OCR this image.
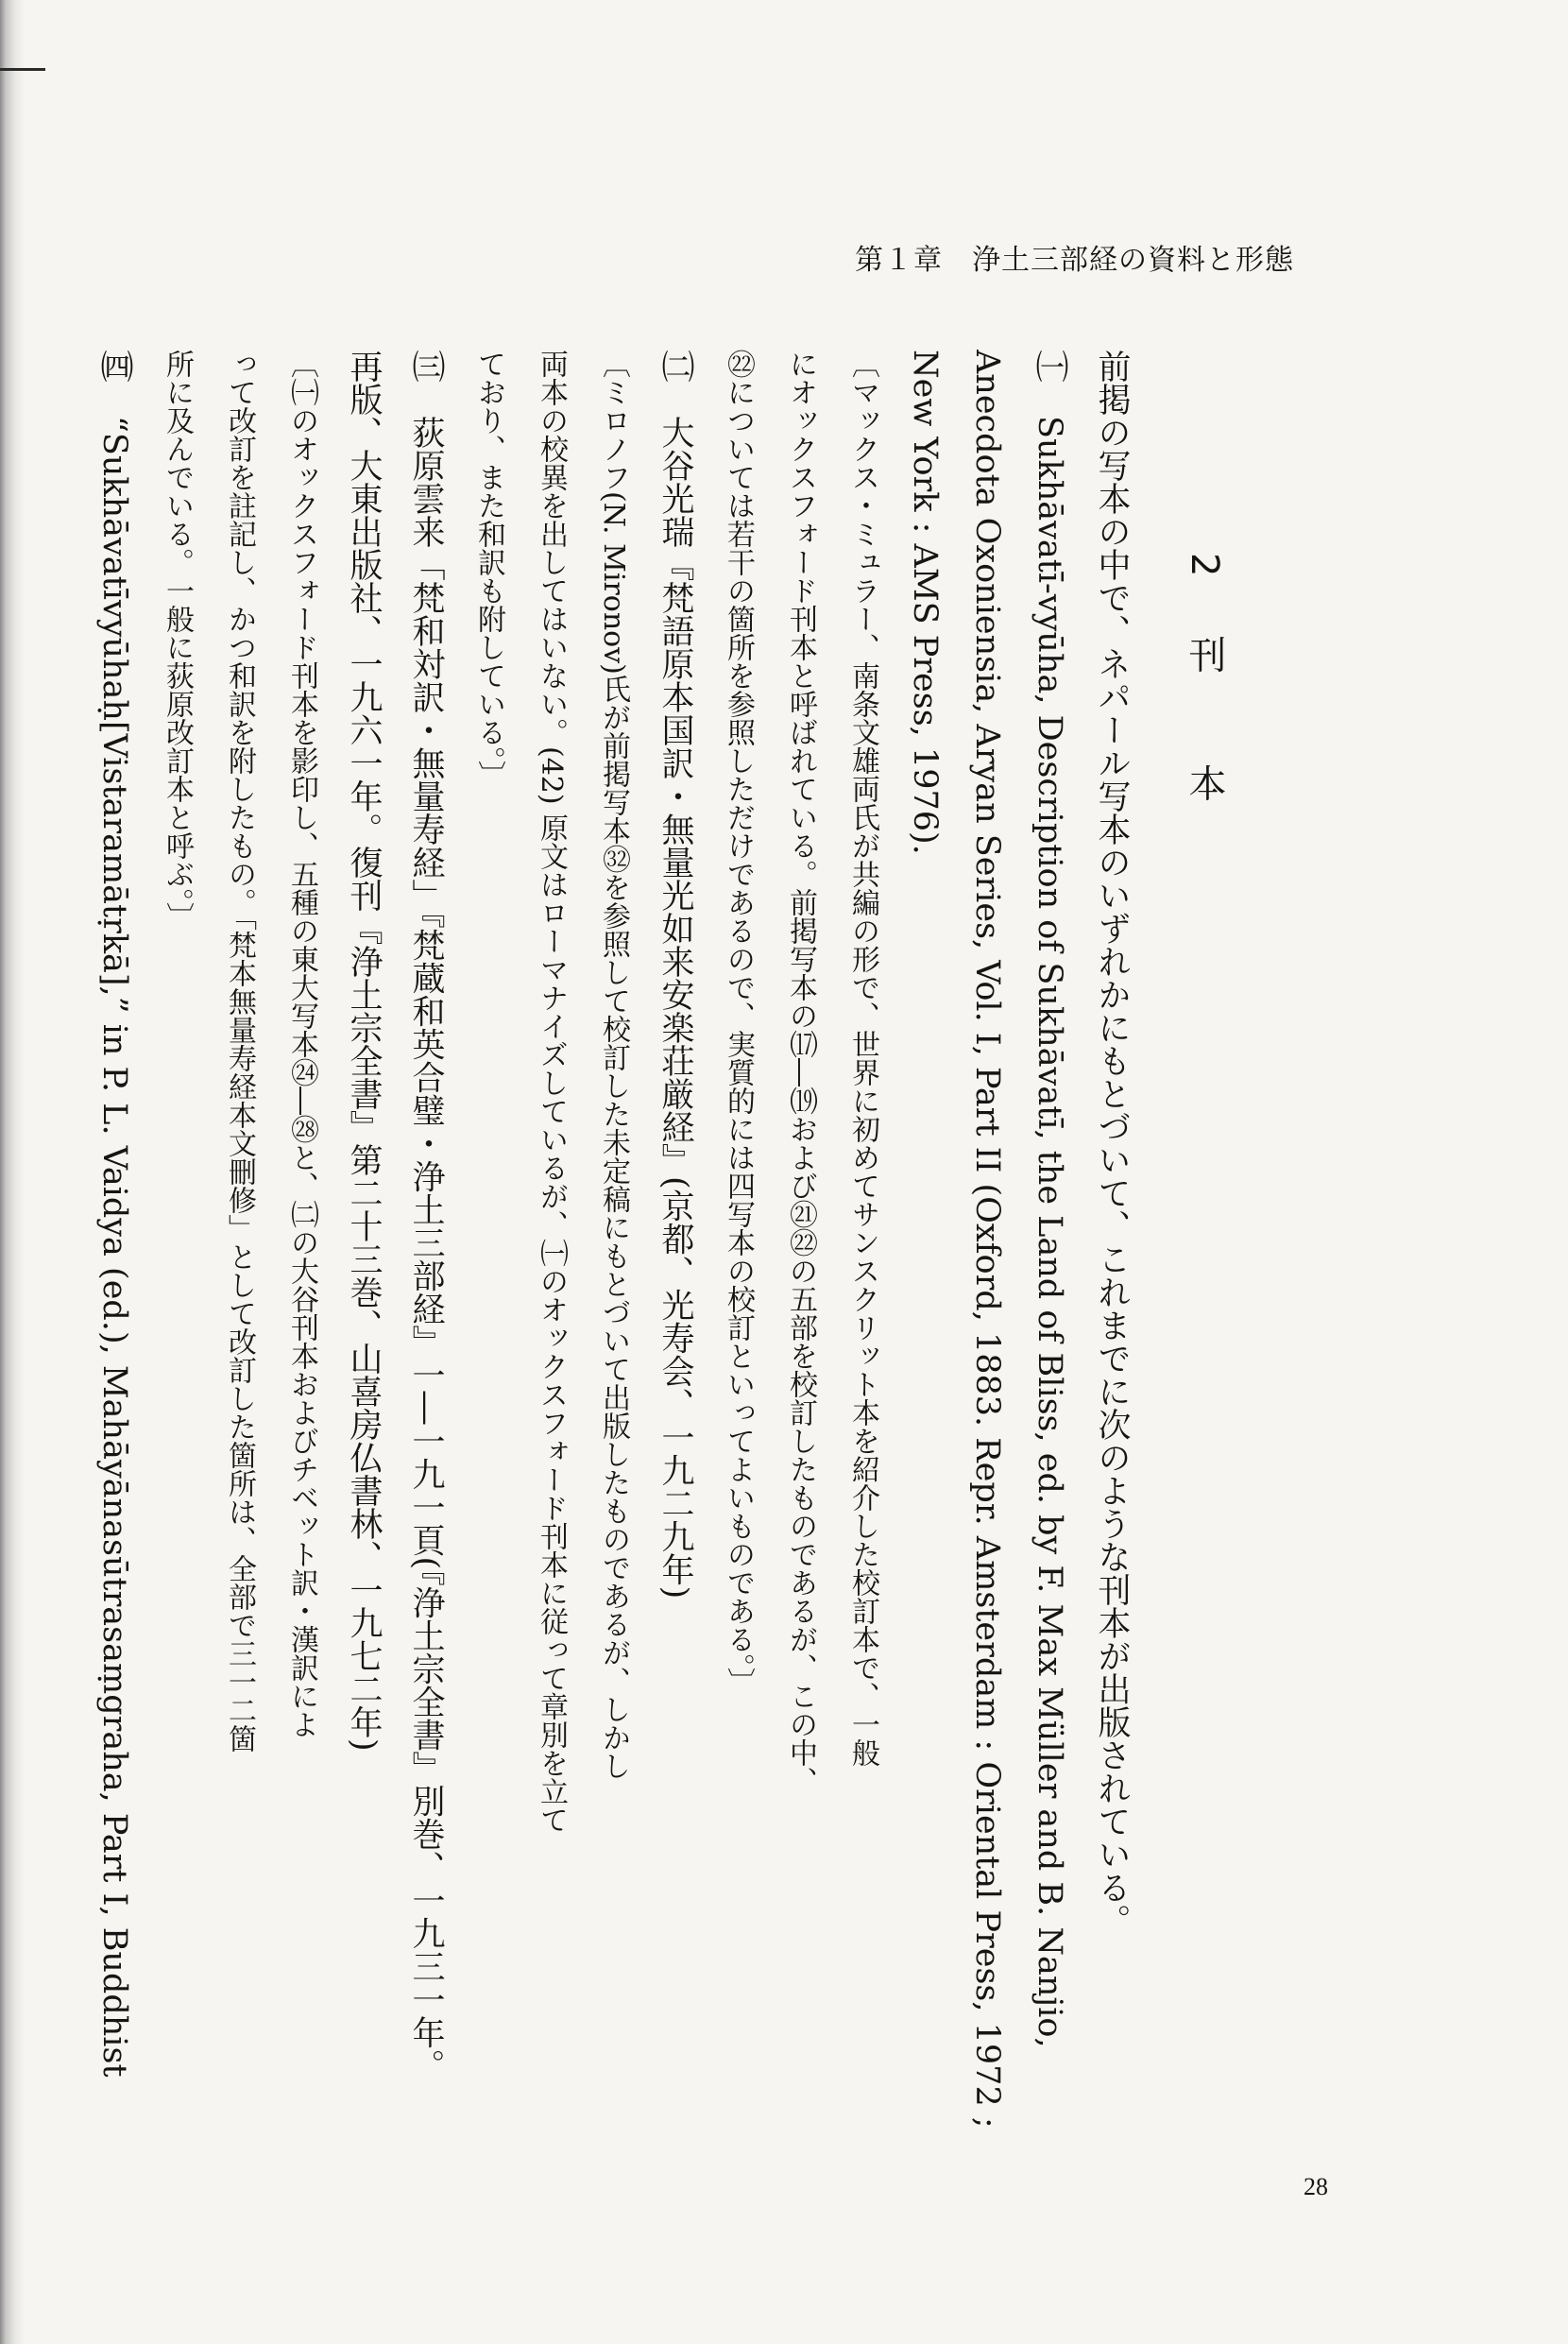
第１章　浄土三部経の資料と形態

2刊　本

前掲の写本の中で、ネパール写本のいずれかにもとづいて、これまでに次のような刊本が出版されている。

㈠　Sukhāvatī-vyūha, Description of Sukhāvatī, the Land of Bliss, ed. by F. Max Müller and B. Nanjio,

Anecdota Oxoniensia, Aryan Series, Vol. I, Part II (Oxford, 1883. Repr. Amsterdam : Oriental Press, 1972 ;

New York : AMS Press, 1976).

〔マックス・ミュラー、南条文雄両氏が共編の形で、世界に初めてサンスクリット本を紹介した校訂本で、一般

にオックスフォード刊本と呼ばれている。前掲写本の⒄―⒆および㉑㉒の五部を校訂したものであるが、この中、

㉒については若干の箇所を参照しただけであるので、実質的には四写本の校訂といってよいものである。〕

㈡　大谷光瑞『梵語原本国訳・無量光如来安楽荘厳経』(京都、光寿会、一九二九年)

〔ミロノフ(N. Mironov)氏が前掲写本㉜を参照して校訂した未定稿にもとづいて出版したものであるが、しかし

両本の校異を出してはいない。(42) 原文はローマナイズしているが、㈠のオックスフォード刊本に従って章別を立て

ており、また和訳も附している。〕

㈢　荻原雲来「梵和対訳・無量寿経」『梵蔵和英合璧・浄土三部経』一―一九一頁(『浄土宗全書』別巻、一九三一年。

再版、大東出版社、一九六一年。復刊『浄土宗全書』第二十三巻、山喜房仏書林、一九七二年)

〔㈠のオックスフォード刊本を影印し、五種の東大写本㉔―㉘と、㈡の大谷刊本およびチベット訳・漢訳によ

って改訂を註記し、かつ和訳を附したもの。「梵本無量寿経本文刪修」として改訂した箇所は、全部で三一二箇

所に及んでいる。一般に荻原改訂本と呼ぶ。〕

㈣　“Sukhāvatīvyūhaḥ[Vistaramātṛkā],” in P. L. Vaidya (ed.), Mahāyānasūtrasaṃgraha, Part I, Buddhist

28
